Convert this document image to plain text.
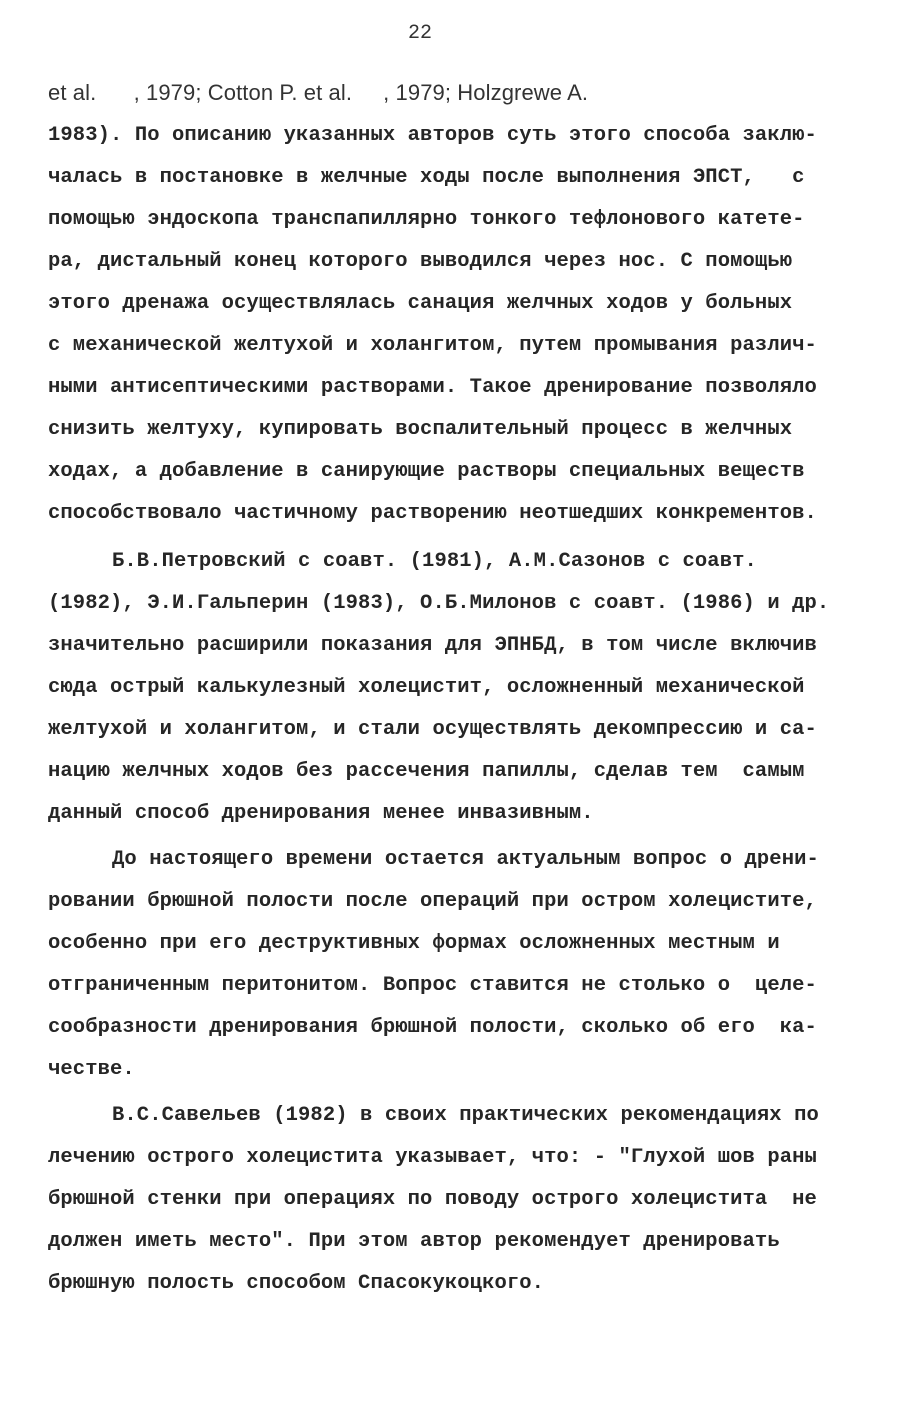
22
et al.      , 1979; Cotton P. et al.     , 1979; Holzgrewe A.
1983). По описанию указанных авторов суть этого способа заклю-
чалась в постановке в желчные ходы после выполнения ЭПСТ,   с
помощью эндоскопа транспапиллярно тонкого тефлонового катете-
ра, дистальный конец которого выводился через нос. С помощью
этого дренажа осуществлялась санация желчных ходов у больных
с механической желтухой и холангитом, путем промывания различ-
ными антисептическими растворами. Такое дренирование позволяло
снизить желтуху, купировать воспалительный процесс в желчных
ходах, а добавление в санирующие растворы специальных веществ
способствовало частичному растворению неотшедших конкрементов.
Б.В.Петровский с соавт. (1981), А.М.Сазонов с соавт.
(1982), Э.И.Гальперин (1983), О.Б.Милонов с соавт. (1986) и др.
значительно расширили показания для ЭПНБД, в том числе включив
сюда острый калькулезный холецистит, осложненный механической
желтухой и холангитом, и стали осуществлять декомпрессию и са-
нацию желчных ходов без рассечения папиллы, сделав тем  самым
данный способ дренирования менее инвазивным.
До настоящего времени остается актуальным вопрос о дрени-
ровании брюшной полости после операций при остром холецистите,
особенно при его деструктивных формах осложненных местным и
отграниченным перитонитом. Вопрос ставится не столько о  целе-
сообразности дренирования брюшной полости, сколько об его  ка-
честве.
В.С.Савельев (1982) в своих практических рекомендациях по
лечению острого холецистита указывает, что: - "Глухой шов раны
брюшной стенки при операциях по поводу острого холецистита  не
должен иметь место". При этом автор рекомендует дренировать
брюшную полость способом Спасокукоцкого.
